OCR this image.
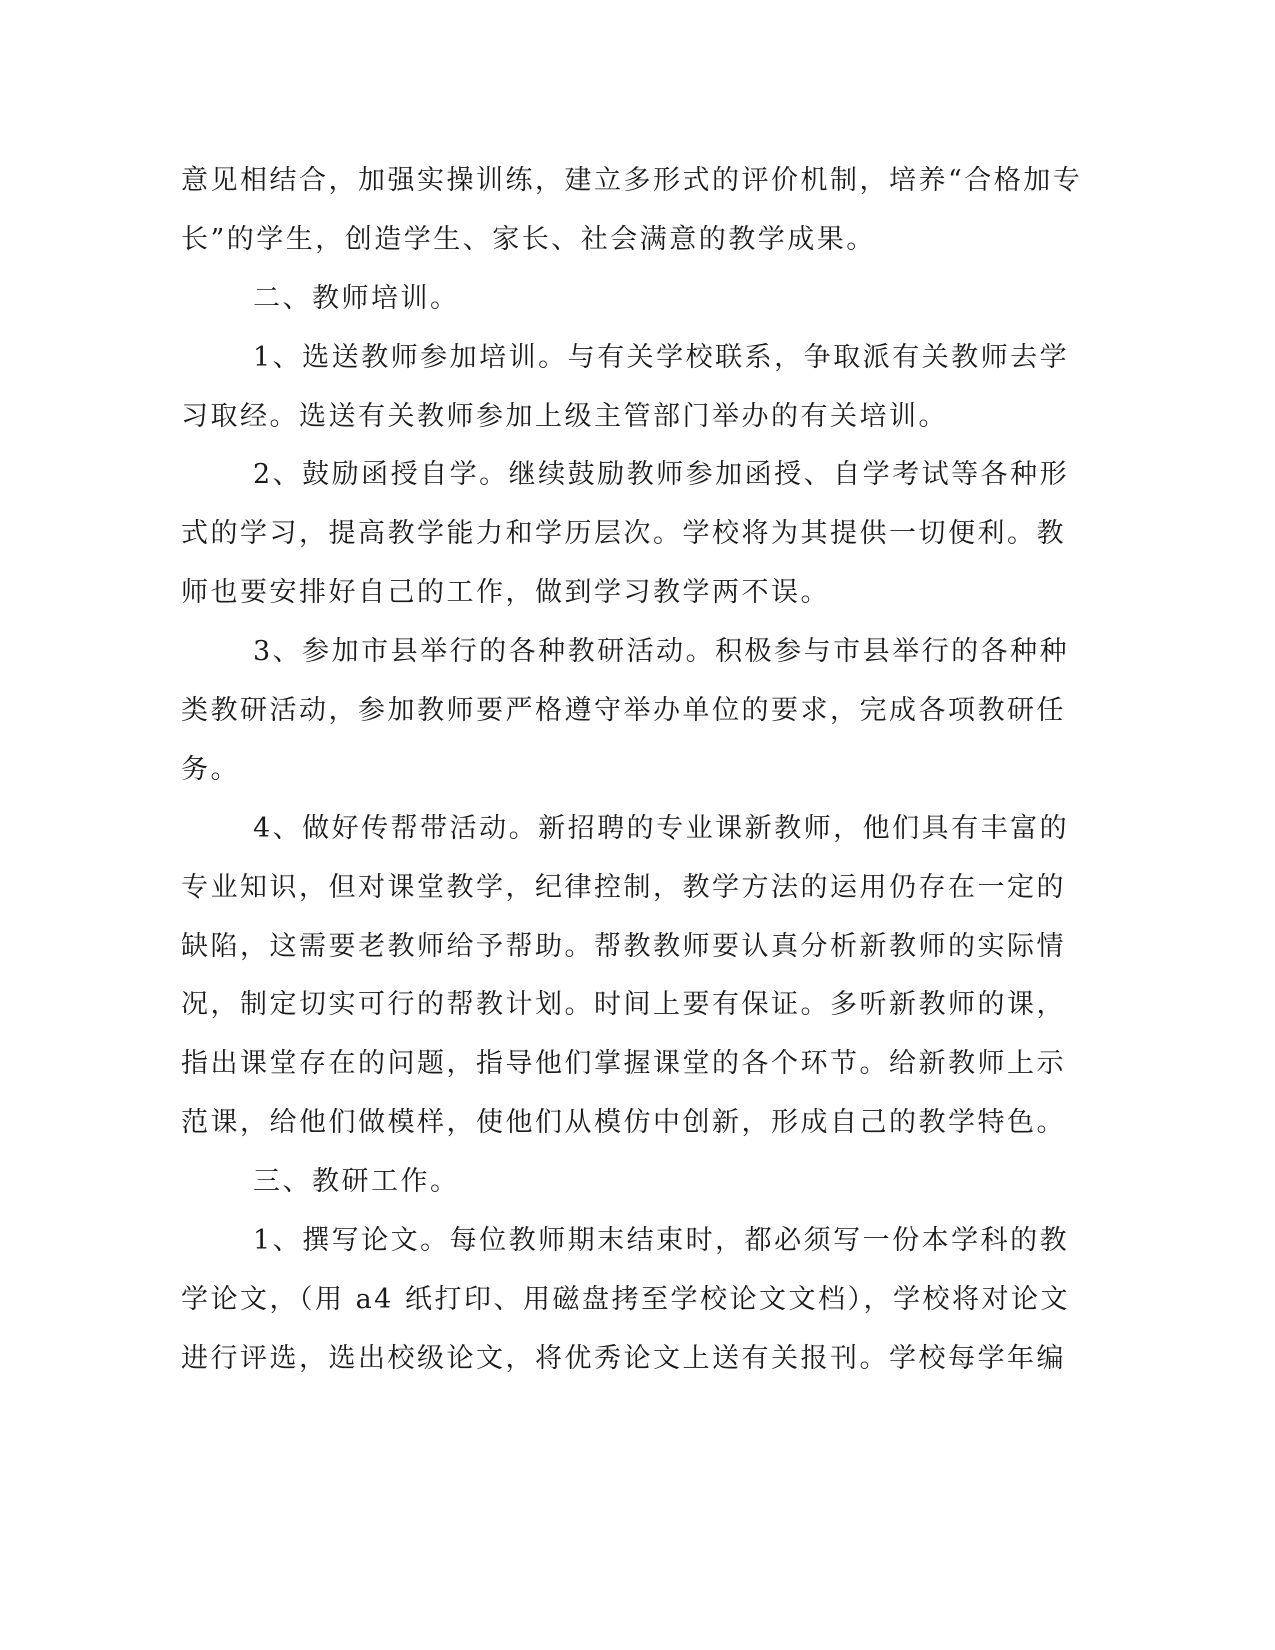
意见相结合，加强实操训练，建立多形式的评价机制，培养“合格加专
长”的学生，创造学生、家长、社会满意的教学成果。
二、教师培训。
1、选送教师参加培训。与有关学校联系，争取派有关教师去学
习取经。选送有关教师参加上级主管部门举办的有关培训。
2、鼓励函授自学。继续鼓励教师参加函授、自学考试等各种形
式的学习，提高教学能力和学历层次。学校将为其提供一切便利。教
师也要安排好自己的工作，做到学习教学两不误。
3、参加市县举行的各种教研活动。积极参与市县举行的各种种
类教研活动，参加教师要严格遵守举办单位的要求，完成各项教研任
务。
4、做好传帮带活动。新招聘的专业课新教师，他们具有丰富的
专业知识，但对课堂教学，纪律控制，教学方法的运用仍存在一定的
缺陷，这需要老教师给予帮助。帮教教师要认真分析新教师的实际情
况，制定切实可行的帮教计划。时间上要有保证。多听新教师的课，
指出课堂存在的问题，指导他们掌握课堂的各个环节。给新教师上示
范课，给他们做模样，使他们从模仿中创新，形成自己的教学特色。
三、教研工作。
1、撰写论文。每位教师期末结束时，都必须写一份本学科的教
学论文，（用 a4 纸打印、用磁盘拷至学校论文文档），学校将对论文
进行评选，选出校级论文，将优秀论文上送有关报刊。学校每学年编
